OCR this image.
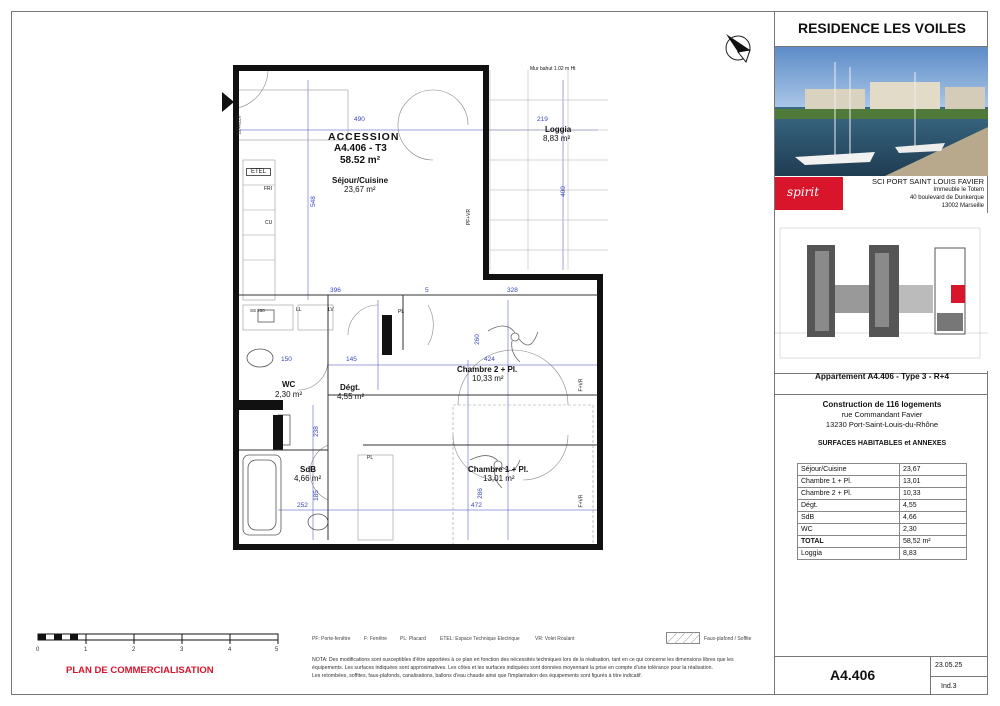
ACCESSION
A4.406 - T3
58.52 m²
Séjour/Cuisine
23,67 m²
Loggia
8,83 m²
Chambre 2 + Pl.
10,33 m²
Chambre 1 + Pl.
13,01 m²
WC
2,30 m²
Dégt.
4,55 m²
SdB
4,66 m²
490	219
548
400
396	5	328
260
150	145	424
238
185	286
252	472
124x220
Mur bahut 1.02 m Ht
ETEL
PF+VR
F+VR
F+VR
PL
PL
LL	LV
FRI
CU
SS 250
0	1	2	3	4	5
PF: Porte-fenêtre	F: Fenêtre	PL: Placard	ETEL: Espace Technique Electrique	VR: Volet Roulant	Faux-plafond / Soffite
PLAN DE COMMERCIALISATION
NOTA: Des modifications sont susceptibles d'être apportées à ce plan en fonction des nécessités techniques lors de la réalisation, tant en ce qui concerne les dimensions libres que les
équipements. Les surfaces indiquées sont approximatives. Les côtes et les surfaces indiquées sont données moyennant la prise en compte d'une tolérance pour la réalisation.
Les retombées, soffites, faux-plafonds, canalisations, ballons d'eau chaude ainsi que l'implantation des équipements sont figurés à titre indicatif.
RESIDENCE LES VOILES
spirit
SCI PORT SAINT LOUIS FAVIER
Immeuble le Totem
40 boulevard de Dunkerque
13002 Marseille
Appartement A4.406 - Type 3 - R+4
Construction de 116 logements
rue Commandant Favier
13230 Port-Saint-Louis-du-Rhône
SURFACES HABITABLES et ANNEXES
Séjour/Cuisine	23,67
Chambre 1 + Pl.	13,01
Chambre 2 + Pl.	10,33
Dégt.	4,55
SdB	4,66
WC	2,30
TOTAL	58,52 m²
Loggia	8,83
A4.406
23.05.25
Ind.3
